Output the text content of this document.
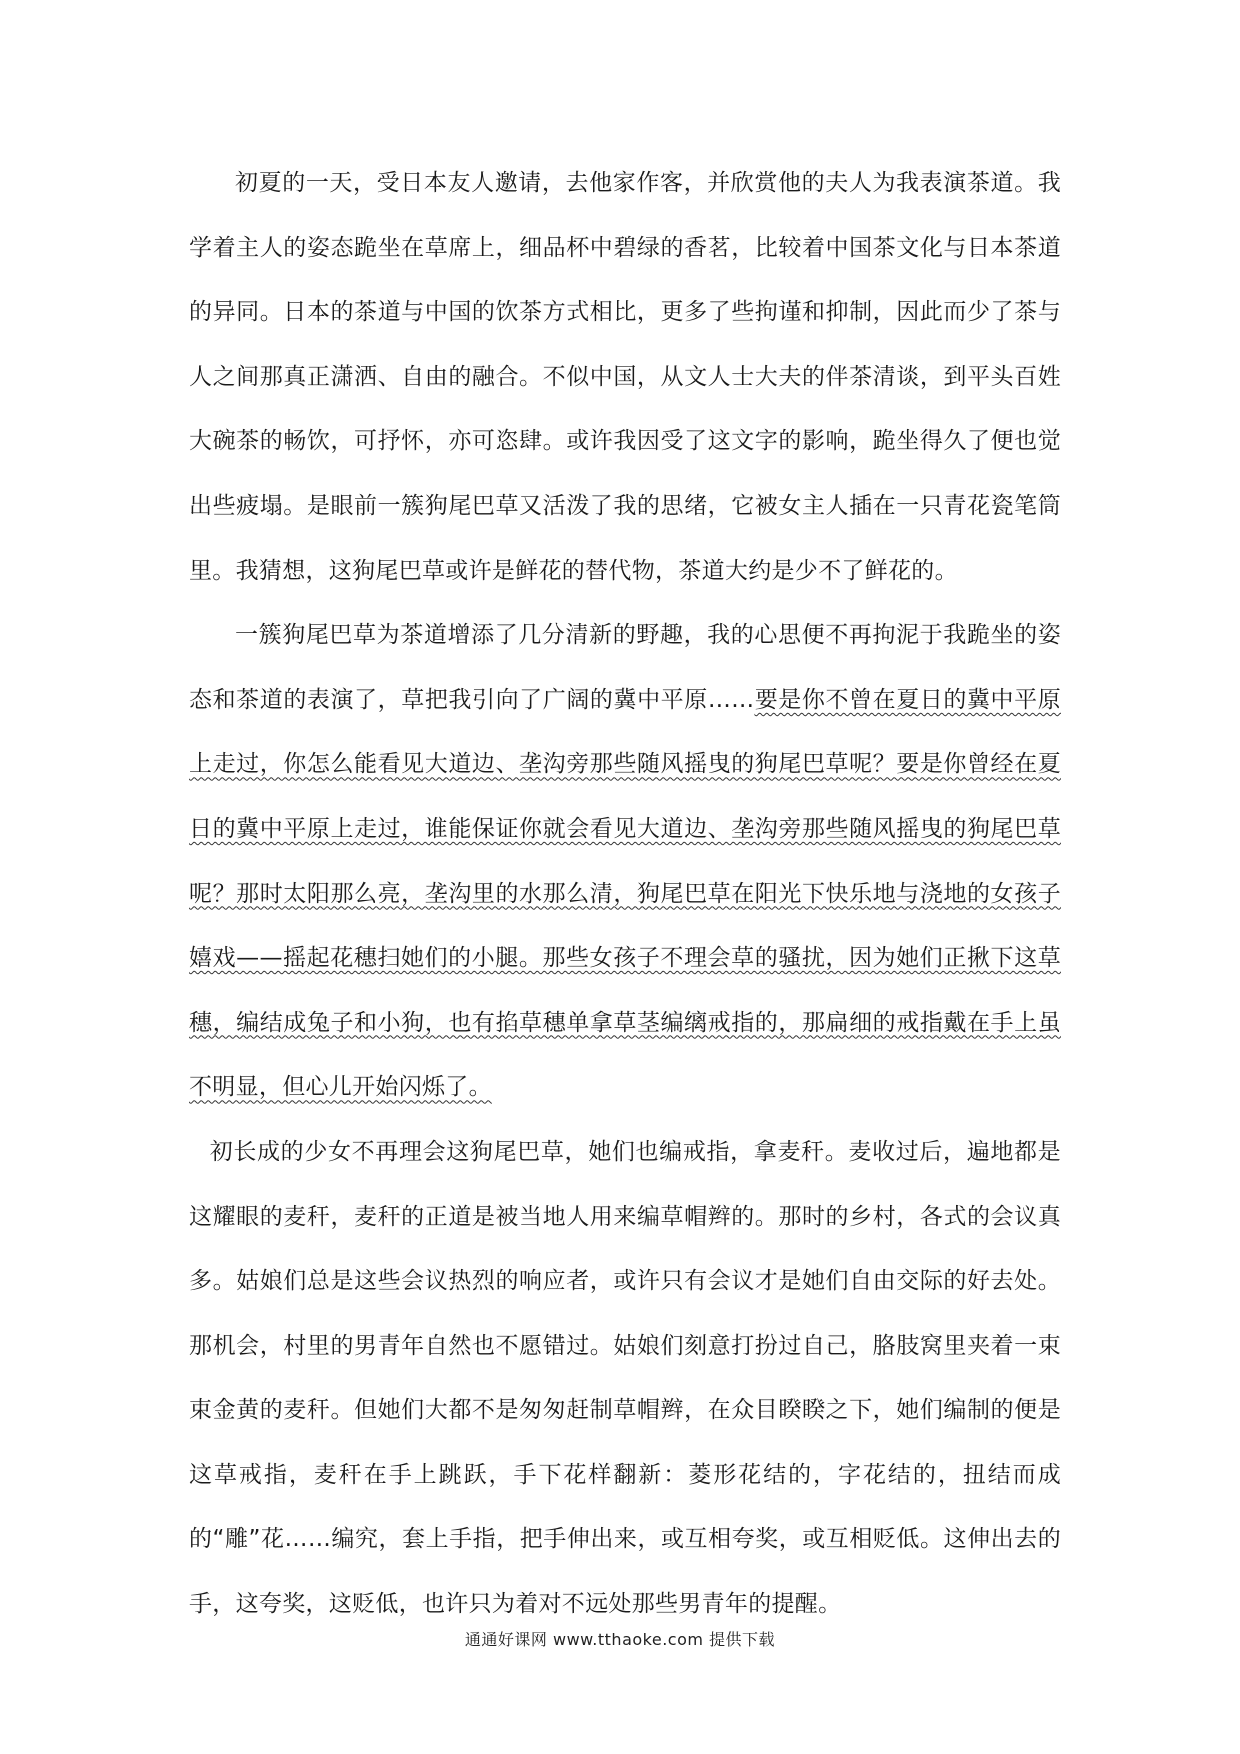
初夏的一天，受日本友人邀请，去他家作客，并欣赏他的夫人为我表演茶道。我学着主人的姿态跪坐在草席上，细品杯中碧绿的香茗，比较着中国茶文化与日本茶道的异同。日本的茶道与中国的饮茶方式相比，更多了些拘谨和抑制，因此而少了茶与人之间那真正潇洒、自由的融合。不似中国，从文人士大夫的伴茶清谈，到平头百姓大碗茶的畅饮，可抒怀，亦可恣肆。或许我因受了这文字的影响，跪坐得久了便也觉出些疲塌。是眼前一簇狗尾巴草又活泼了我的思绪，它被女主人插在一只青花瓷笔筒里。我猜想，这狗尾巴草或许是鲜花的替代物，茶道大约是少不了鲜花的。

一簇狗尾巴草为茶道增添了几分清新的野趣，我的心思便不再拘泥于我跪坐的姿态和茶道的表演了，草把我引向了广阔的冀中平原……要是你不曾在夏日的冀中平原上走过，你怎么能看见大道边、垄沟旁那些随风摇曳的狗尾巴草呢？要是你曾经在夏日的冀中平原上走过，谁能保证你就会看见大道边、垄沟旁那些随风摇曳的狗尾巴草呢？那时太阳那么亮，垄沟里的水那么清，狗尾巴草在阳光下快乐地与浇地的女孩子嬉戏——摇起花穗扫她们的小腿。那些女孩子不理会草的骚扰，因为她们正揪下这草穗，编结成兔子和小狗，也有掐草穗单拿草茎编缡戒指的，那扁细的戒指戴在手上虽不明显，但心儿开始闪烁了。

初长成的少女不再理会这狗尾巴草，她们也编戒指，拿麦秆。麦收过后，遍地都是这耀眼的麦秆，麦秆的正道是被当地人用来编草帽辫的。那时的乡村，各式的会议真多。姑娘们总是这些会议热烈的响应者，或许只有会议才是她们自由交际的好去处。那机会，村里的男青年自然也不愿错过。姑娘们刻意打扮过自己，胳肢窝里夹着一束束金黄的麦秆。但她们大都不是匆匆赶制草帽辫，在众目睽睽之下，她们编制的便是这草戒指，麦秆在手上跳跃，手下花样翻新：菱形花结的，字花结的，扭结而成的“雕”花……编究，套上手指，把手伸出来，或互相夸奖，或互相贬低。这伸出去的手，这夸奖，这贬低，也许只为着对不远处那些男青年的提醒。

通通好课网 www.tthaoke.com 提供下载
